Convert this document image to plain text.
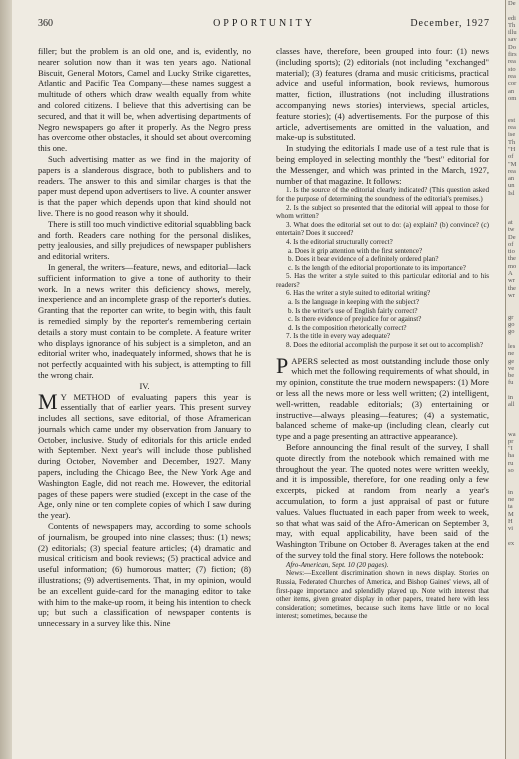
360	OPPORTUNITY	December, 1927

filler; but the problem is an old one, and is, evidently, no nearer solution now than it was ten years ago. National Biscuit, General Motors, Camel and Lucky Strike cigarettes, Atlantic and Pacific Tea Company—these names suggest a multitude of others which draw wealth equally from white and colored citizens. I believe that this advertising can be secured, and that it will be, when advertising departments of Negro newspapers go after it properly. As the Negro press has overcome other obstacles, it should set about overcoming this one.

Such advertising matter as we find in the majority of papers is a slanderous disgrace, both to publishers and to readers. The answer to this and similar charges is that the paper must depend upon advertisers to live. A counter answer is that the paper which depends upon that kind should not live. There is no good reason why it should.

There is still too much vindictive editorial squabbling back and forth. Readers care nothing for the personal dislikes, petty jealousies, and silly prejudices of newspaper publishers and editorial writers.

In general, the writers—feature, news, and editorial—lack sufficient information to give a tone of authority to their work. In a news writer this deficiency shows, merely, inexperience and an incomplete grasp of the reporter's duties. Granting that the reporter can write, to begin with, this fault is remedied simply by the reporter's remembering certain details a story must contain to be complete. A feature writer who displays ignorance of his subject is a simpleton, and an editorial writer who, inadequately informed, shows that he is not perfectly acquainted with his subject, is attempting to fill the wrong chair.

IV.

M Y METHOD of evaluating papers this year is essentially that of earlier years. This present survey includes all sections, save editorial, of those Aframerican journals which came under my observation from January to October, inclusive. Study of editorials for this article ended with September. Next year's will include those published during October, November and December, 1927. Many papers, including the Chicago Bee, the New York Age and Washington Eagle, did not reach me. However, the editorial pages of these papers were studied (except in the case of the Age, only nine or ten complete copies of which I saw during the year).

Contents of newspapers may, according to some schools of journalism, be grouped into nine classes; thus: (1) news; (2) editorials; (3) special feature articles; (4) dramatic and musical criticism and book reviews; (5) practical advice and useful information; (6) humorous matter; (7) fiction; (8) illustrations; (9) advertisements. That, in my opinion, would be an excellent guide-card for the managing editor to take with him to the make-up room, it being his intention to check up; but such a classification of newspaper contents is unnecessary in a survey like this. Nine

classes have, therefore, been grouped into four: (1) news (including sports); (2) editorials (not including "exchanged" material); (3) features (drama and music criticisms, practical advice and useful information, book reviews, humorous matter, fiction, illustrations (not including illustrations accompanying news stories) interviews, special articles, feature stories); (4) advertisements. For the purpose of this article, advertisements are omitted in the valuation, and make-up is substituted.

In studying the editorials I made use of a test rule that is being employed in selecting monthly the "best" editorial for the Messenger, and which was printed in the March, 1927, number of that magazine. It follows:

1. Is the source of the editorial clearly indicated? (This question asked for the purpose of determining the soundness of the editorial's premises.)

2. Is the subject so presented that the editorial will appeal to those for whom written?

3. What does the editorial set out to do: (a) explain? (b) convince? (c) entertain? Does it succeed?

4. Is the editorial structurally correct?

a. Does it grip attention with the first sentence?

b. Does it bear evidence of a definitely ordered plan?

c. Is the length of the editorial proportionate to its importance?

5. Has the writer a style suited to this particular editorial and to his readers?

6. Has the writer a style suited to editorial writing?

a. Is the language in keeping with the subject?

b. Is the writer's use of English fairly correct?

c. Is there evidence of prejudice for or against?

d. Is the composition rhetorically correct?

7. Is the title in every way adequate?

8. Does the editorial accomplish the purpose it set out to accomplish?

PAPERS selected as most outstanding include those only which met the following requirements of what should, in my opinion, constitute the true modern newspapers: (1) More or less all the news more or less well written; (2) intelligent, well-written, readable editorials; (3) entertaining or instructive—always pleasing—features; (4) a systematic, balanced scheme of make-up (including clean, clearly cut type and a page presenting an attractive appearance).

Before announcing the final result of the survey, I shall quote directly from the notebook which remained with me throughout the year. The quoted notes were written weekly, and it is impossible, therefore, for one reading only a few excerpts, picked at random from nearly a year's accumulation, to form a just appraisal of past or future values. Values fluctuated in each paper from week to week, so that what was said of the Afro-American on September 3, may, with equal applicability, have been said of the Washington Tribune on October 8. Averages taken at the end of the survey told the final story. Here follows the notebook:

Afro-American, Sept. 10 (20 pages).

News:—Excellent discrimination shown in news display. Stories on Russia, Federated Churches of America, and Bishop Gaines' views, all of first-page importance and splendidly played up. Note with interest that other items, given greater display in other papers, treated here with less consideration; sometimes, because such items have little or no local interest; sometimes, because the

De

edi
Th
illu
sav
Do
firs
rea
sto
rea
cor
an
om

est
rea
ise
Th
"H
of
"M
rea
an
un
Isl

at
tw
De
of
tio
the
mo
A
wr
the
wr

gr
go
go

les
ne
ge
ve
be
fu

in
all

wa
pr
"I
ha
ru
so

in
ne
ta
M
H
vi

ex
